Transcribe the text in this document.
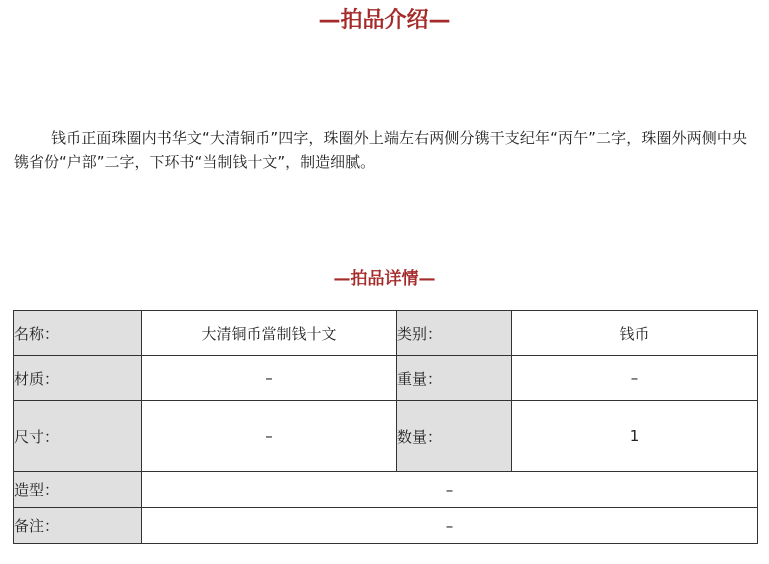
—拍品介绍—

钱币正面珠圈内书华文“大清铜币”四字，珠圈外上端左右两侧分镌干支纪年“丙午”二字，珠圈外两侧中央镌省份“户部”二字，下环书“当制钱十文”，制造细腻。

—拍品详情—
名称：	大清铜币當制钱十文	类别：	钱币
材质：	–	重量：	–
尺寸：	–	数量：	1
造型：	–		
备注：	–		
